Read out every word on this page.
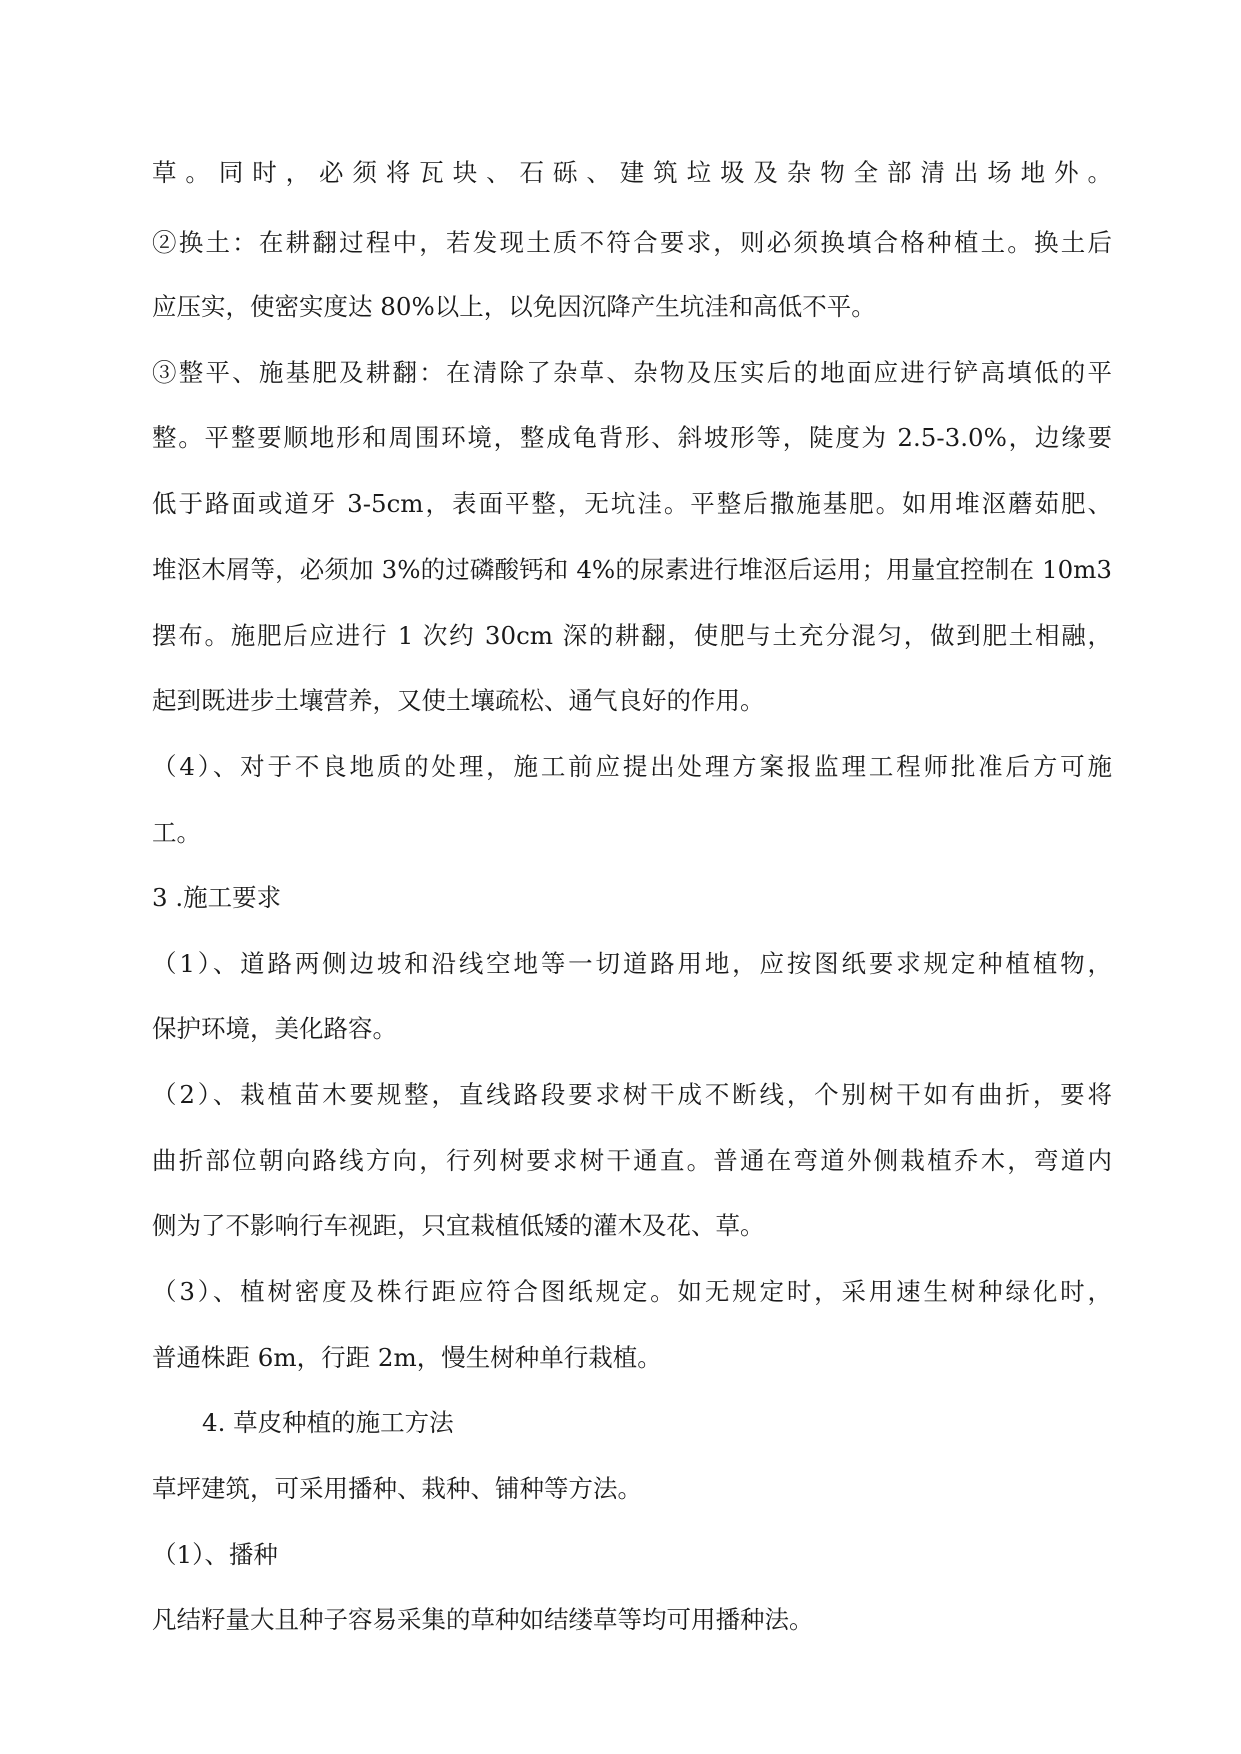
草。同时，必须将瓦块、石砾、建筑垃圾及杂物全部清出场地外。
②换土：在耕翻过程中，若发现土质不符合要求，则必须换填合格种植土。换土后
应压实，使密实度达 80%以上，以免因沉降产生坑洼和高低不平。
③整平、施基肥及耕翻：在清除了杂草、杂物及压实后的地面应进行铲高填低的平
整。平整要顺地形和周围环境，整成龟背形、斜坡形等，陡度为 2.5-3.0%，边缘要
低于路面或道牙 3-5cm，表面平整，无坑洼。平整后撒施基肥。如用堆沤蘑茹肥、
堆沤木屑等，必须加 3%的过磷酸钙和 4%的尿素进行堆沤后运用；用量宜控制在 10m3
摆布。施肥后应进行 1 次约 30cm 深的耕翻，使肥与土充分混匀，做到肥土相融，
起到既进步土壤营养，又使土壤疏松、通气良好的作用。
（4）、对于不良地质的处理，施工前应提出处理方案报监理工程师批准后方可施
工。
3 .施工要求
（1）、道路两侧边坡和沿线空地等一切道路用地，应按图纸要求规定种植植物，
保护环境，美化路容。
（2）、栽植苗木要规整，直线路段要求树干成不断线，个别树干如有曲折，要将
曲折部位朝向路线方向，行列树要求树干通直。普通在弯道外侧栽植乔木，弯道内
侧为了不影响行车视距，只宜栽植低矮的灌木及花、草。
（3）、植树密度及株行距应符合图纸规定。如无规定时，采用速生树种绿化时，
普通株距 6m，行距 2m，慢生树种单行栽植。
4. 草皮种植的施工方法
草坪建筑，可采用播种、栽种、铺种等方法。
（1）、播种
凡结籽量大且种子容易采集的草种如结缕草等均可用播种法。
